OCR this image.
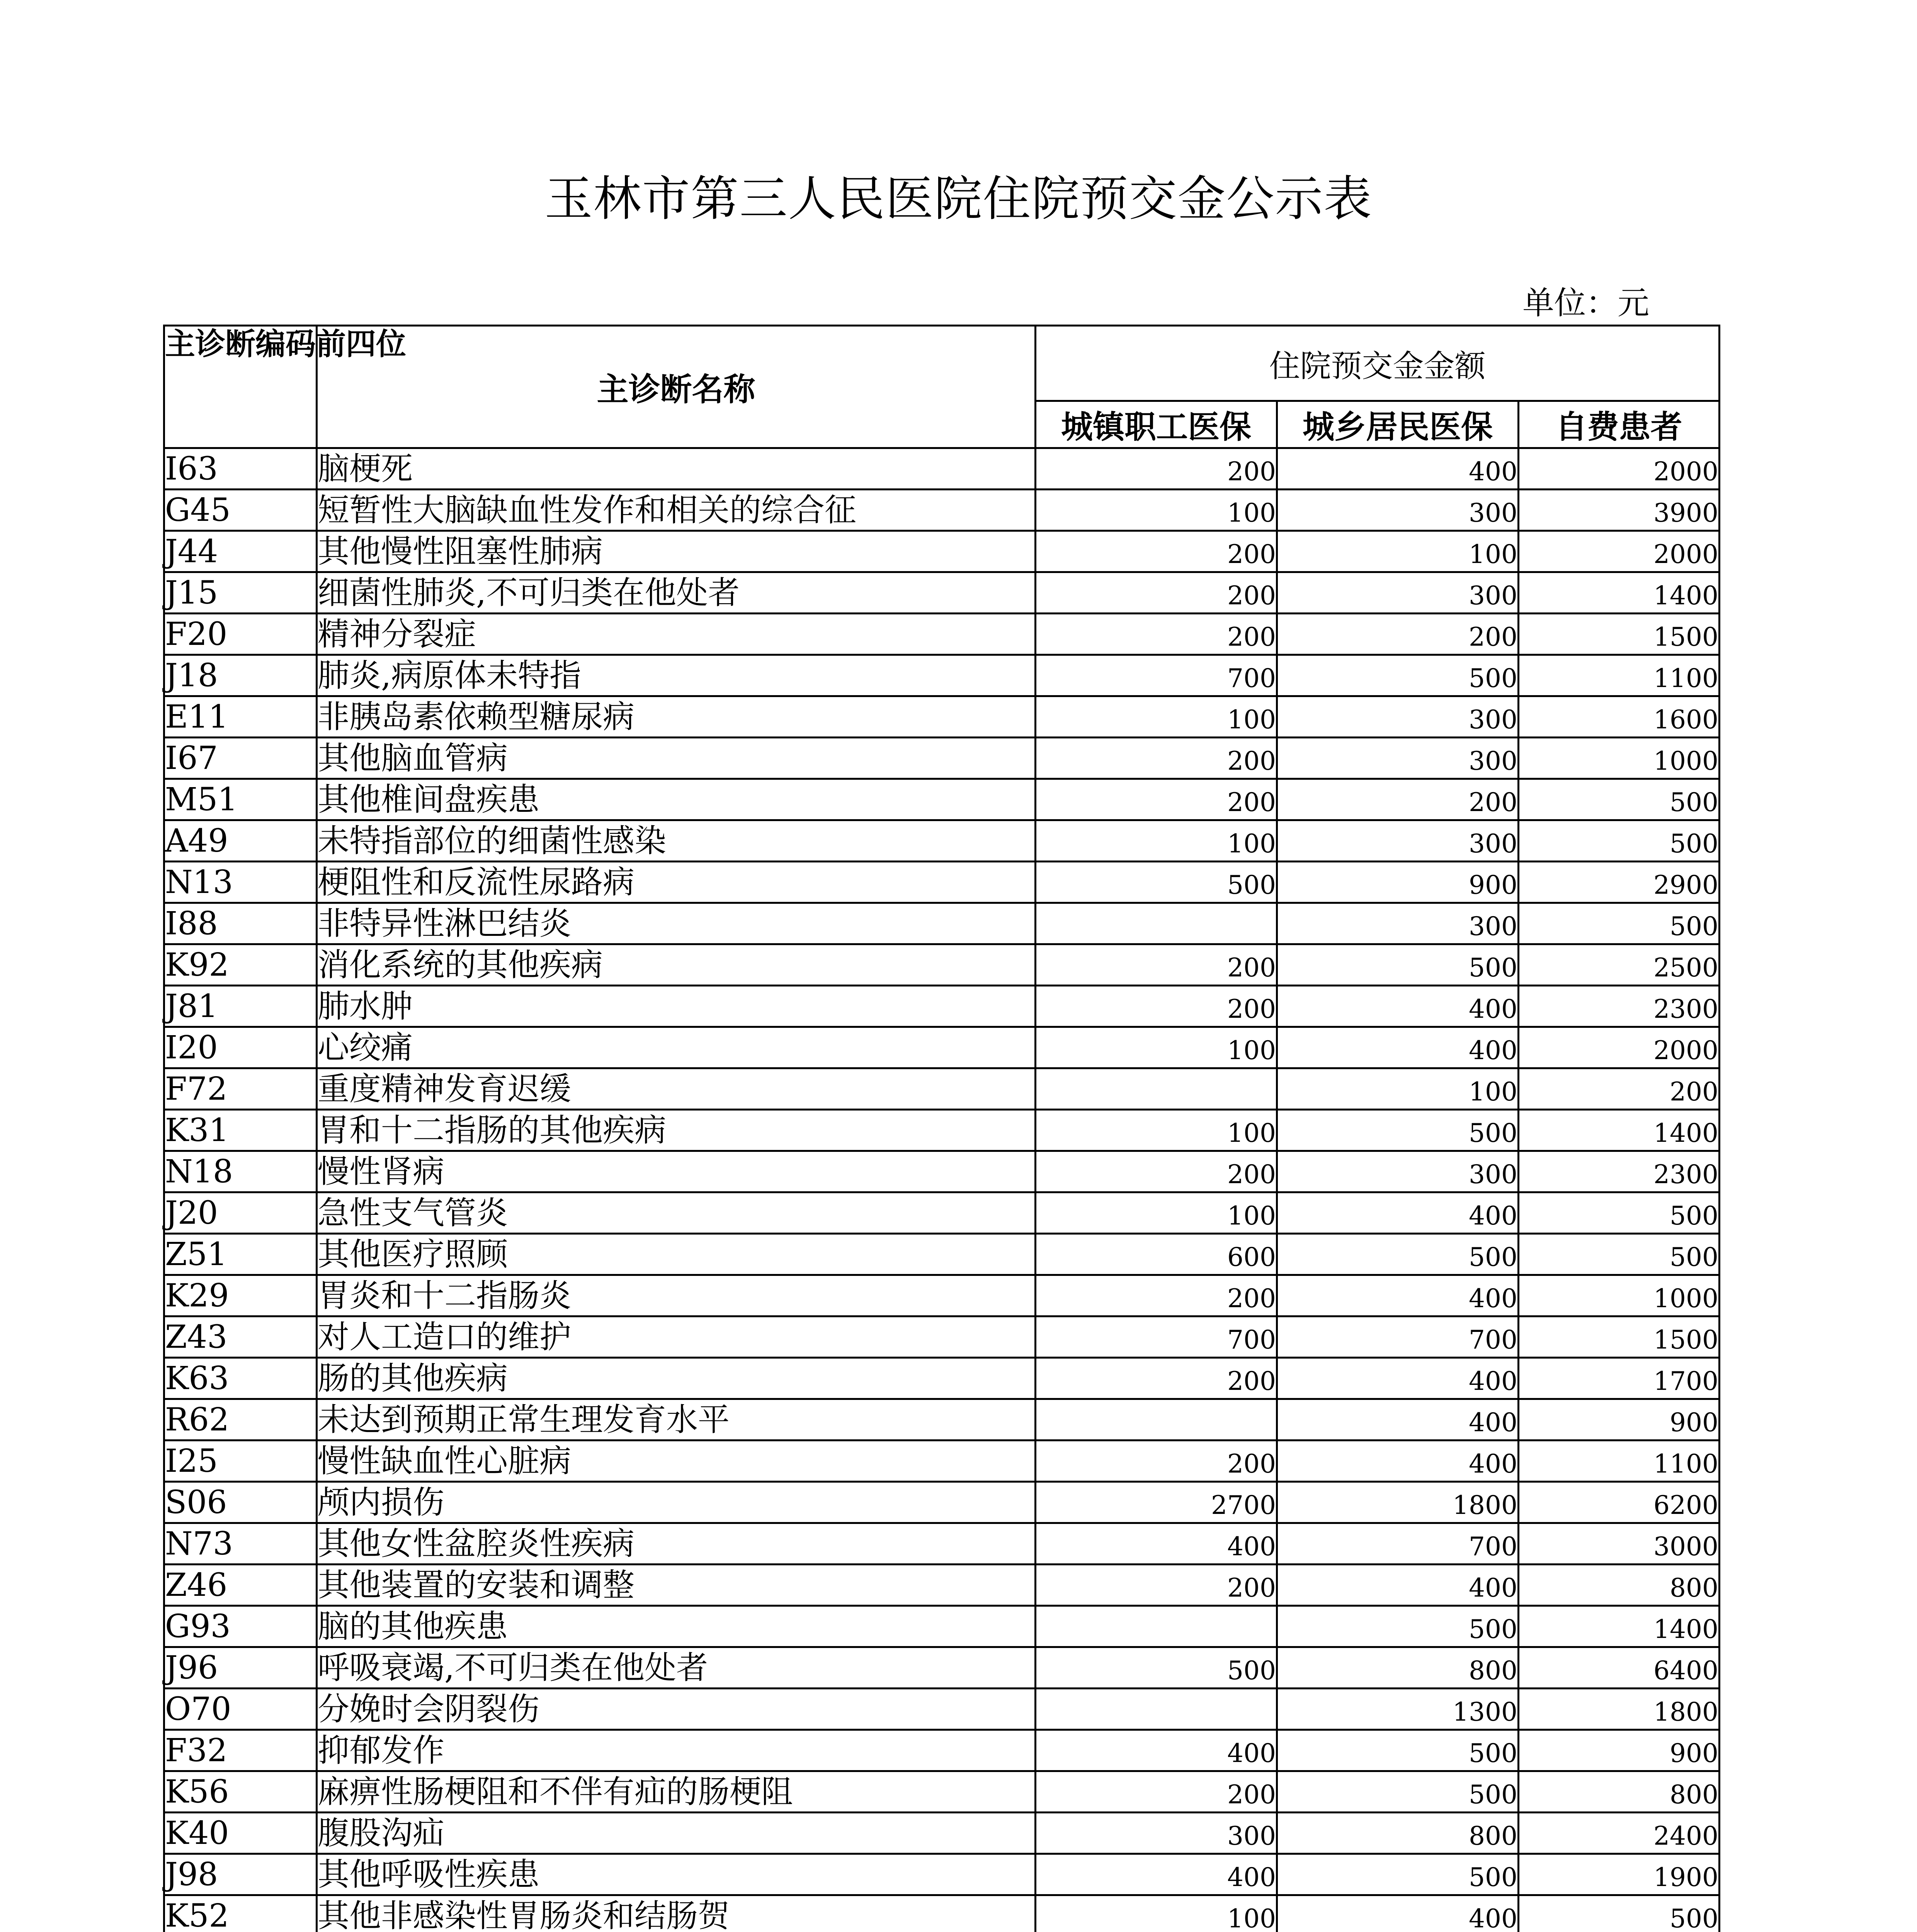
玉林市第三人民医院住院预交金公示表
单位：元
主诊断编码前四位	主诊断名称	住院预交金金额		
		城镇职工医保	城乡居民医保	自费患者
I63	脑梗死	200	400	2000
G45	短暂性大脑缺血性发作和相关的综合征	100	300	3900
J44	其他慢性阻塞性肺病	200	100	2000
J15	细菌性肺炎,不可归类在他处者	200	300	1400
F20	精神分裂症	200	200	1500
J18	肺炎,病原体未特指	700	500	1100
E11	非胰岛素依赖型糖尿病	100	300	1600
I67	其他脑血管病	200	300	1000
M51	其他椎间盘疾患	200	200	500
A49	未特指部位的细菌性感染	100	300	500
N13	梗阻性和反流性尿路病	500	900	2900
I88	非特异性淋巴结炎		300	500
K92	消化系统的其他疾病	200	500	2500
J81	肺水肿	200	400	2300
I20	心绞痛	100	400	2000
F72	重度精神发育迟缓		100	200
K31	胃和十二指肠的其他疾病	100	500	1400
N18	慢性肾病	200	300	2300
J20	急性支气管炎	100	400	500
Z51	其他医疗照顾	600	500	500
K29	胃炎和十二指肠炎	200	400	1000
Z43	对人工造口的维护	700	700	1500
K63	肠的其他疾病	200	400	1700
R62	未达到预期正常生理发育水平		400	900
I25	慢性缺血性心脏病	200	400	1100
S06	颅内损伤	2700	1800	6200
N73	其他女性盆腔炎性疾病	400	700	3000
Z46	其他装置的安装和调整	200	400	800
G93	脑的其他疾患		500	1400
J96	呼吸衰竭,不可归类在他处者	500	800	6400
O70	分娩时会阴裂伤		1300	1800
F32	抑郁发作	400	500	900
K56	麻痹性肠梗阻和不伴有疝的肠梗阻	200	500	800
K40	腹股沟疝	300	800	2400
J98	其他呼吸性疾患	400	500	1900
K52	其他非感染性胃肠炎和结肠贺	100	400	500
